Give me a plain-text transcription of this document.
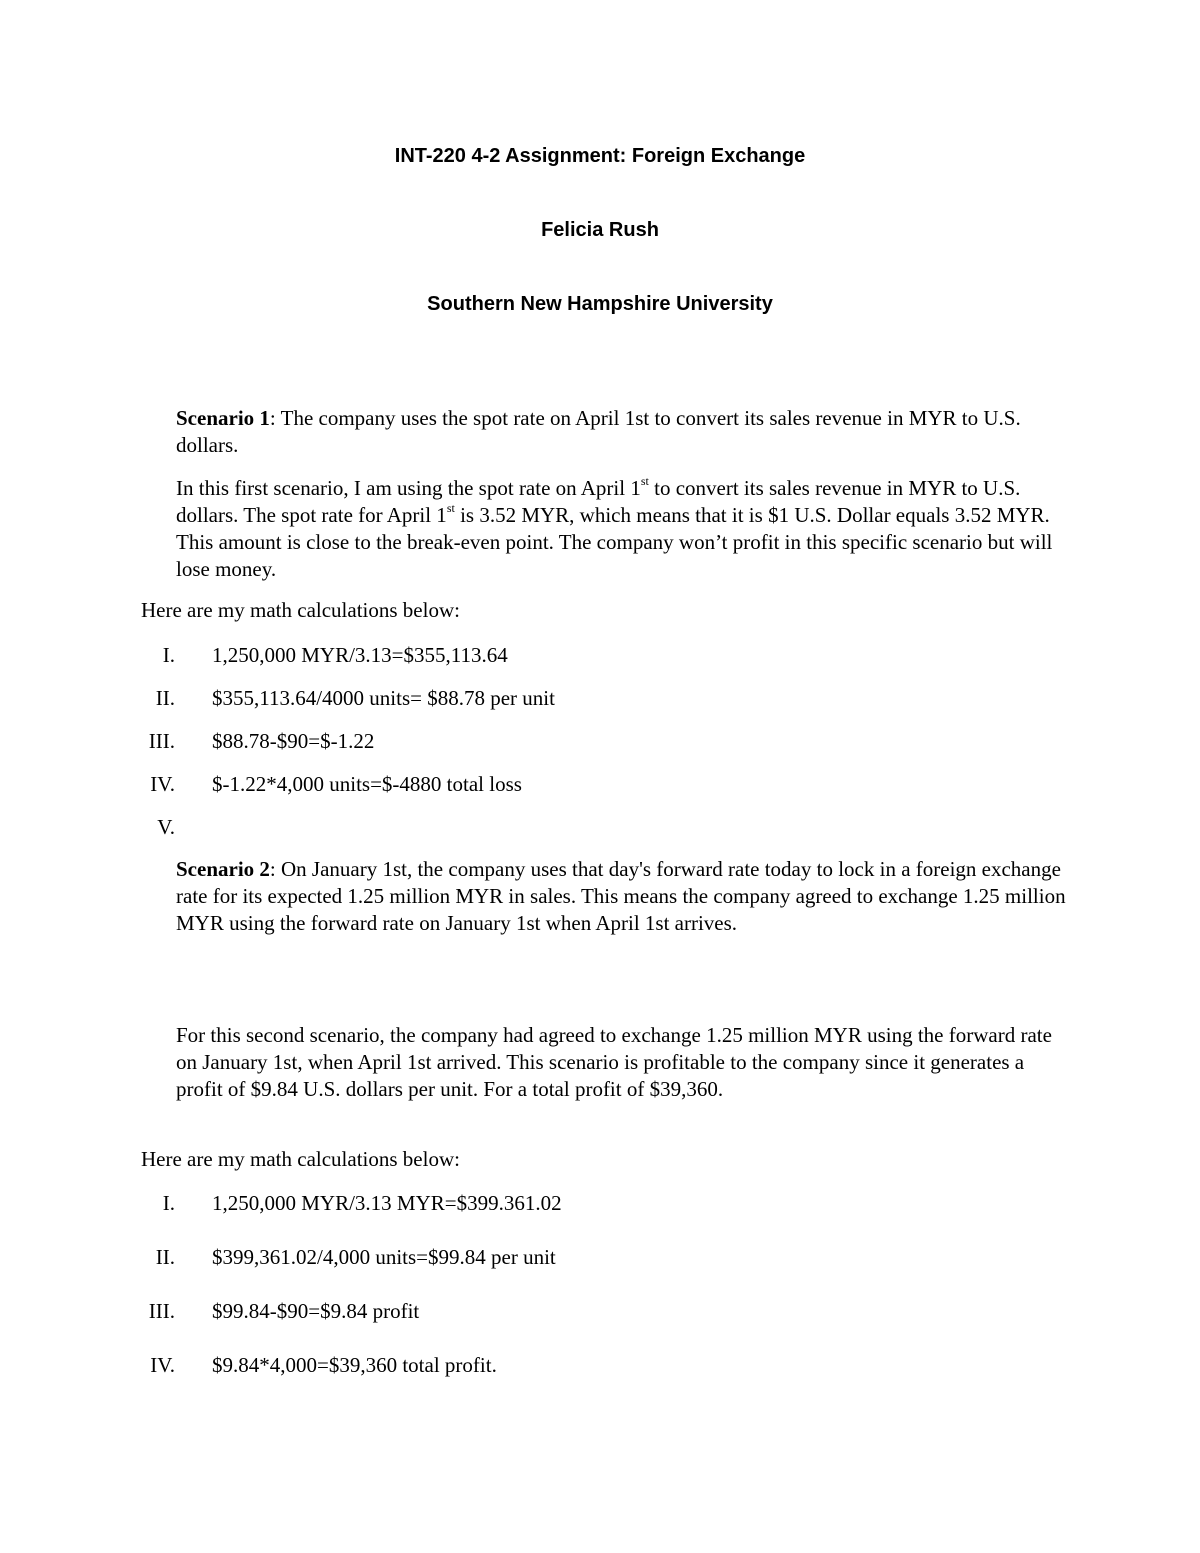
INT-220 4-2 Assignment: Foreign Exchange
Felicia Rush
Southern New Hampshire University
Scenario 1: The company uses the spot rate on April 1st to convert its sales revenue in MYR to U.S. dollars.
In this first scenario, I am using the spot rate on April 1st to convert its sales revenue in MYR to U.S. dollars. The spot rate for April 1st is 3.52 MYR, which means that it is $1 U.S. Dollar equals 3.52 MYR. This amount is close to the break-even point. The company won’t profit in this specific scenario but will lose money.
Here are my math calculations below:
I. 1,250,000 MYR/3.13=$355,113.64
II. $355,113.64/4000 units= $88.78 per unit
III. $88.78-$90=$-1.22
IV. $-1.22*4,000 units=$-4880 total loss
V.
Scenario 2: On January 1st, the company uses that day's forward rate today to lock in a foreign exchange rate for its expected 1.25 million MYR in sales. This means the company agreed to exchange 1.25 million MYR using the forward rate on January 1st when April 1st arrives.
For this second scenario, the company had agreed to exchange 1.25 million MYR using the forward rate on January 1st, when April 1st arrived. This scenario is profitable to the company since it generates a profit of $9.84 U.S. dollars per unit. For a total profit of $39,360.
Here are my math calculations below:
I. 1,250,000 MYR/3.13 MYR=$399.361.02
II. $399,361.02/4,000 units=$99.84 per unit
III. $99.84-$90=$9.84 profit
IV. $9.84*4,000=$39,360 total profit.
